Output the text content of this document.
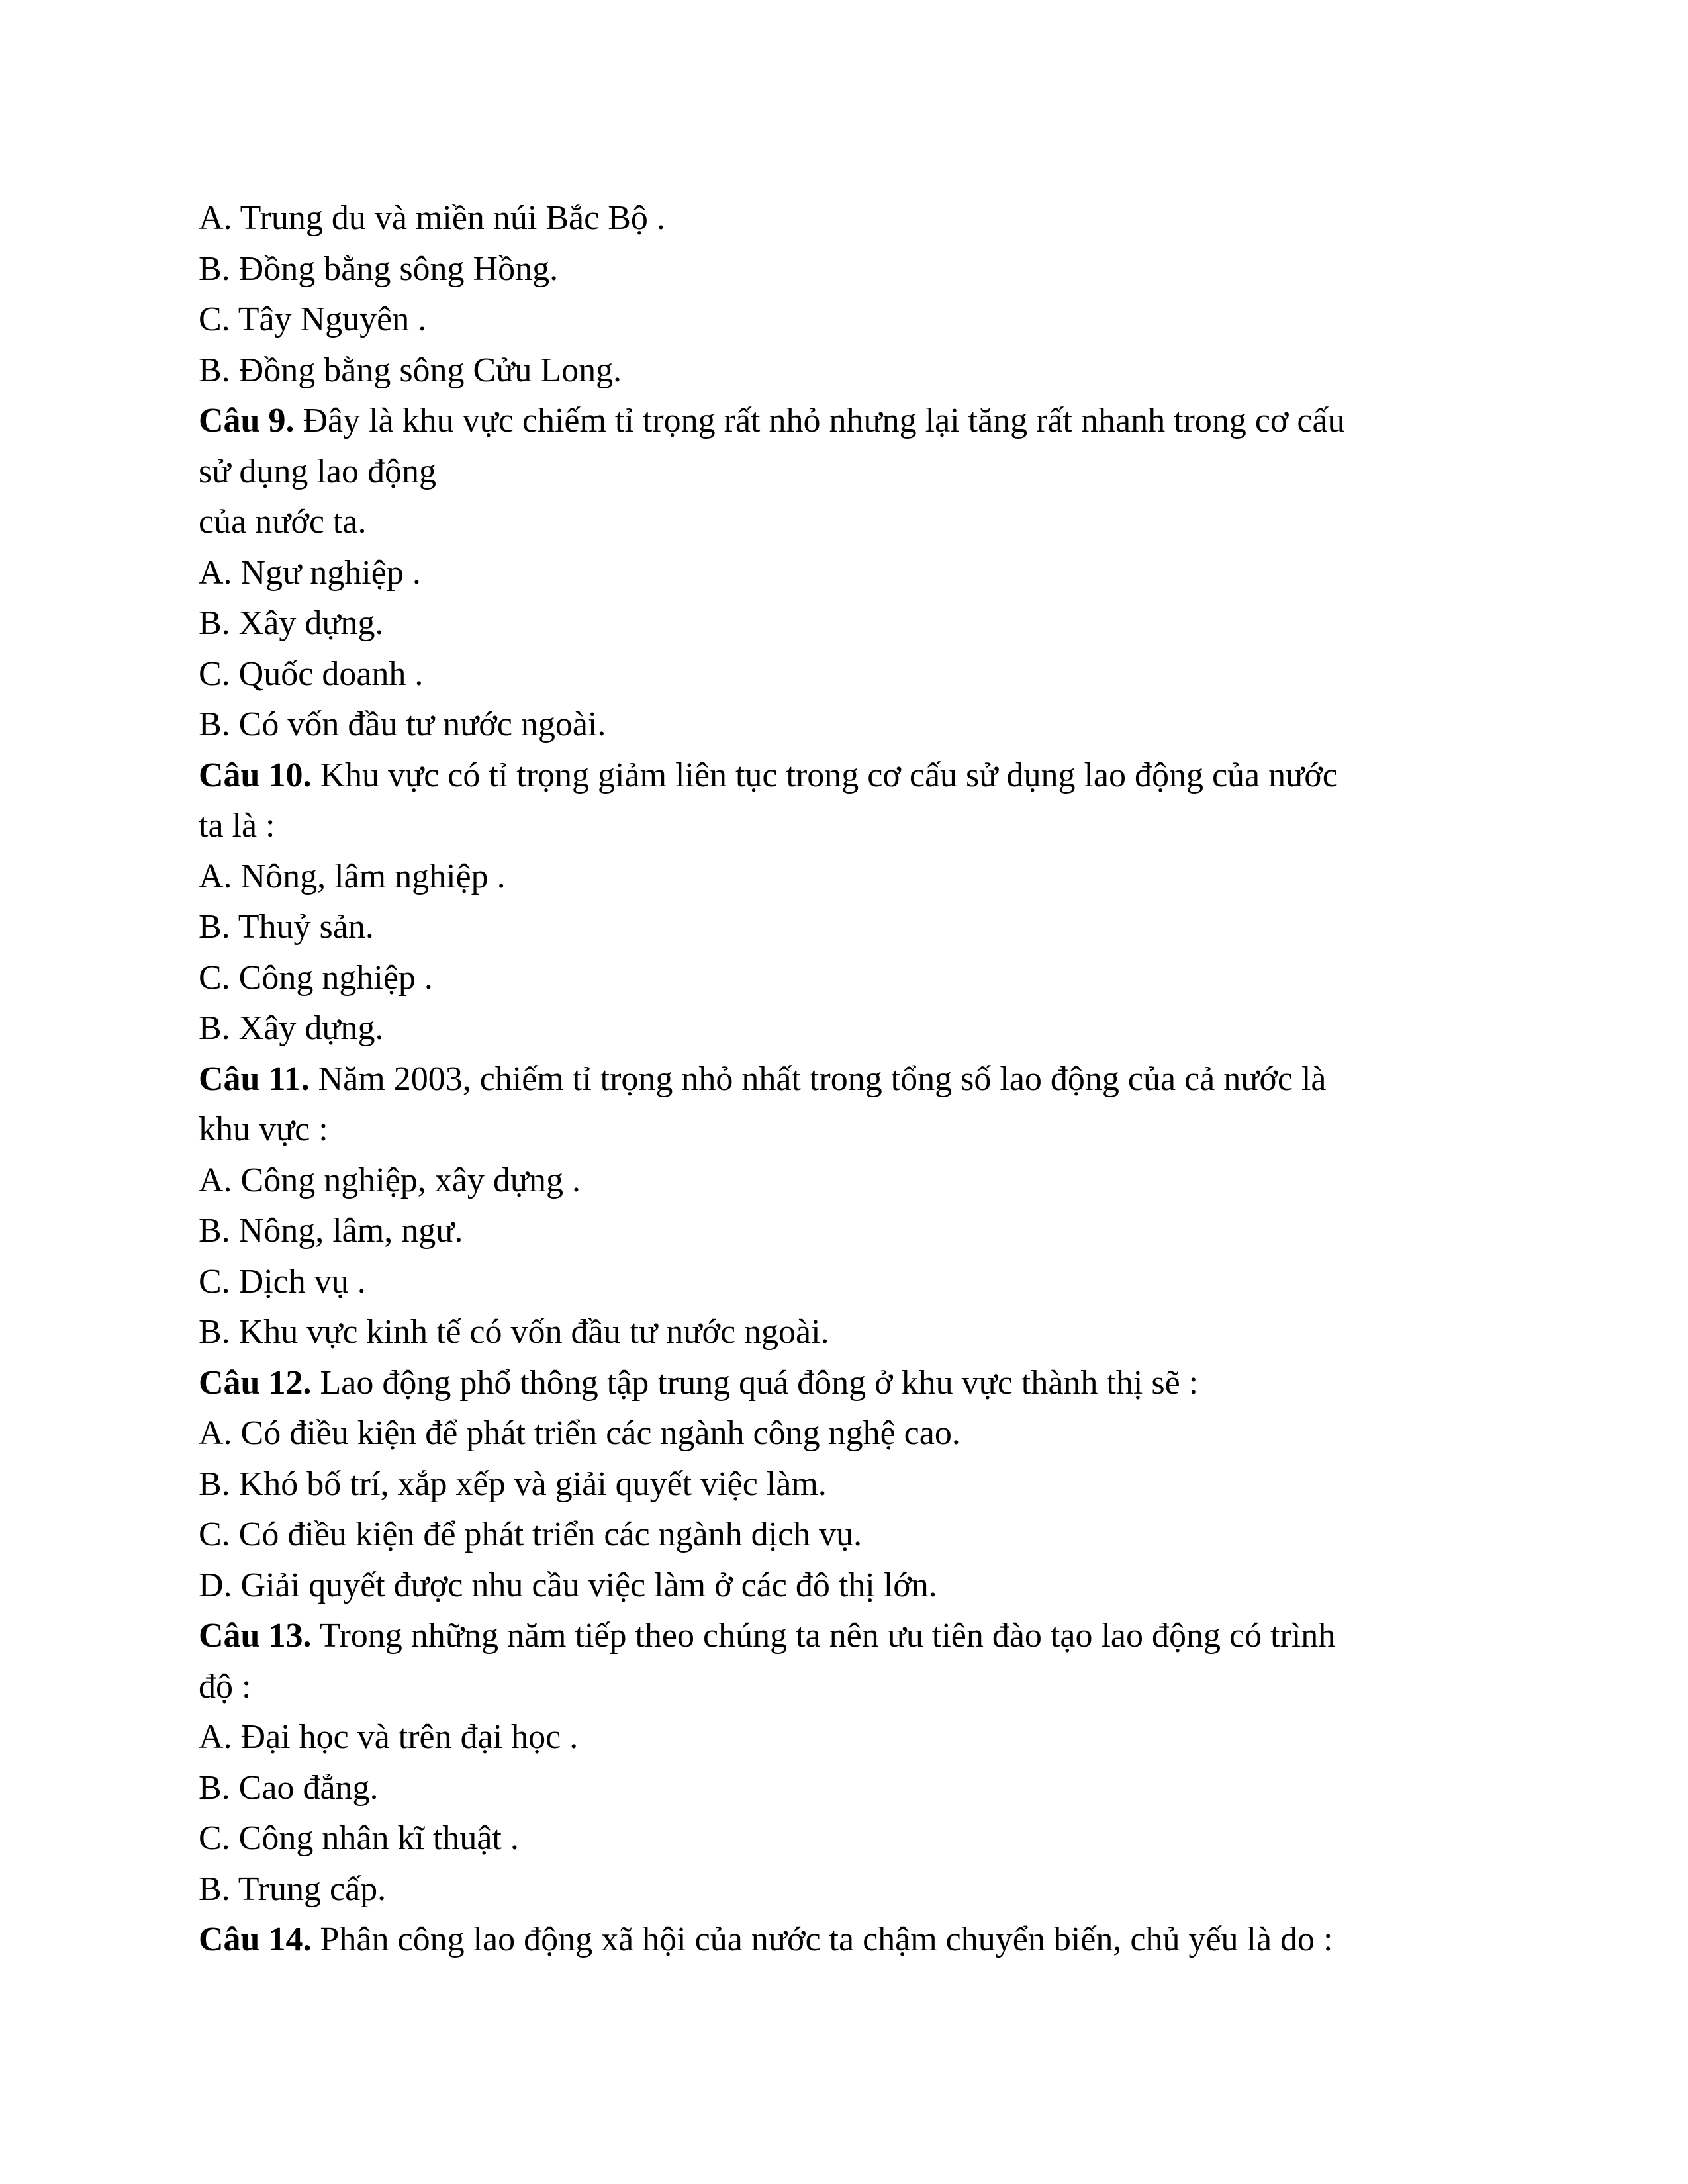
A. Trung du và miền núi Bắc Bộ .
B. Đồng bằng sông Hồng.
C. Tây Nguyên .
B. Đồng bằng sông Cửu Long.
Câu 9. Đây là khu vực chiếm tỉ trọng rất nhỏ nhưng lại tăng rất nhanh trong cơ cấu
sử dụng lao động
của nước ta.
A. Ngư nghiệp .
B. Xây dựng.
C. Quốc doanh .
B. Có vốn đầu tư nước ngoài.
Câu 10. Khu vực có tỉ trọng giảm liên tục trong cơ cấu sử dụng lao động của nước
ta là :
A. Nông, lâm nghiệp .
B. Thuỷ sản.
C. Công nghiệp .
B. Xây dựng.
Câu 11. Năm 2003, chiếm tỉ trọng nhỏ nhất trong tổng số lao động của cả nước là
khu vực :
A. Công nghiệp, xây dựng .
B. Nông, lâm, ngư.
C. Dịch vụ .
B. Khu vực kinh tế có vốn đầu tư nước ngoài.
Câu 12. Lao động phổ thông tập trung quá đông ở khu vực thành thị sẽ :
A. Có điều kiện để phát triển các ngành công nghệ cao.
B. Khó bố trí, xắp xếp và giải quyết việc làm.
C. Có điều kiện để phát triển các ngành dịch vụ.
D. Giải quyết được nhu cầu việc làm ở các đô thị lớn.
Câu 13. Trong những năm tiếp theo chúng ta nên ưu tiên đào tạo lao động có trình
độ :
A. Đại học và trên đại học .
B. Cao đẳng.
C. Công nhân kĩ thuật .
B. Trung cấp.
Câu 14. Phân công lao động xã hội của nước ta chậm chuyển biến, chủ yếu là do :
